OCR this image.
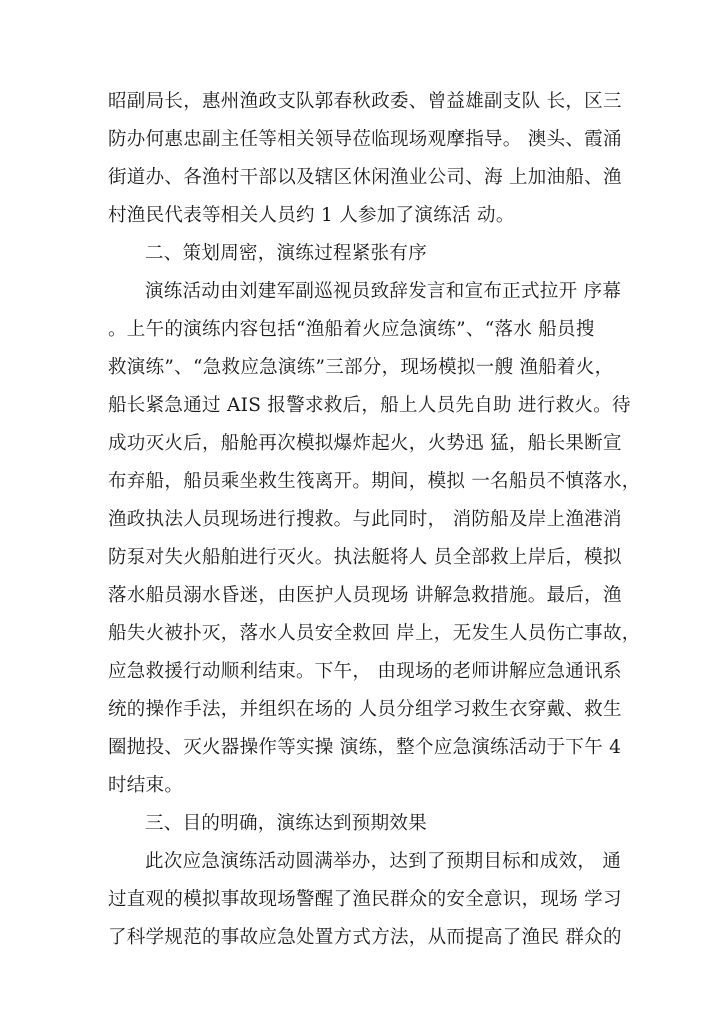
昭副局长，惠州渔政支队郭春秋政委、曾益雄副支队 长，区三
防办何惠忠副主任等相关领导莅临现场观摩指导。 澳头、霞涌
街道办、各渔村干部以及辖区休闲渔业公司、海 上加油船、渔
村渔民代表等相关人员约 1 人参加了演练活 动。
二、策划周密，演练过程紧张有序
演练活动由刘建军副巡视员致辞发言和宣布正式拉开 序幕
。上午的演练内容包括“渔船着火应急演练”、“落水 船员搜
救演练”、“急救应急演练”三部分，现场模拟一艘 渔船着火，
船长紧急通过 AIS 报警求救后，船上人员先自助 进行救火。待
成功灭火后，船舱再次模拟爆炸起火，火势迅 猛，船长果断宣
布弃船，船员乘坐救生筏离开。期间，模拟 一名船员不慎落水，
渔政执法人员现场进行搜救。与此同时， 消防船及岸上渔港消
防泵对失火船舶进行灭火。执法艇将人 员全部救上岸后，模拟
落水船员溺水昏迷，由医护人员现场 讲解急救措施。最后，渔
船失火被扑灭，落水人员安全救回 岸上，无发生人员伤亡事故，
应急救援行动顺利结束。下午， 由现场的老师讲解应急通讯系
统的操作手法，并组织在场的 人员分组学习救生衣穿戴、救生
圈抛投、灭火器操作等实操 演练，整个应急演练活动于下午 4
时结束。
三、目的明确，演练达到预期效果
此次应急演练活动圆满举办，达到了预期目标和成效， 通
过直观的模拟事故现场警醒了渔民群众的安全意识，现场 学习
了科学规范的事故应急处置方式方法，从而提高了渔民 群众的
